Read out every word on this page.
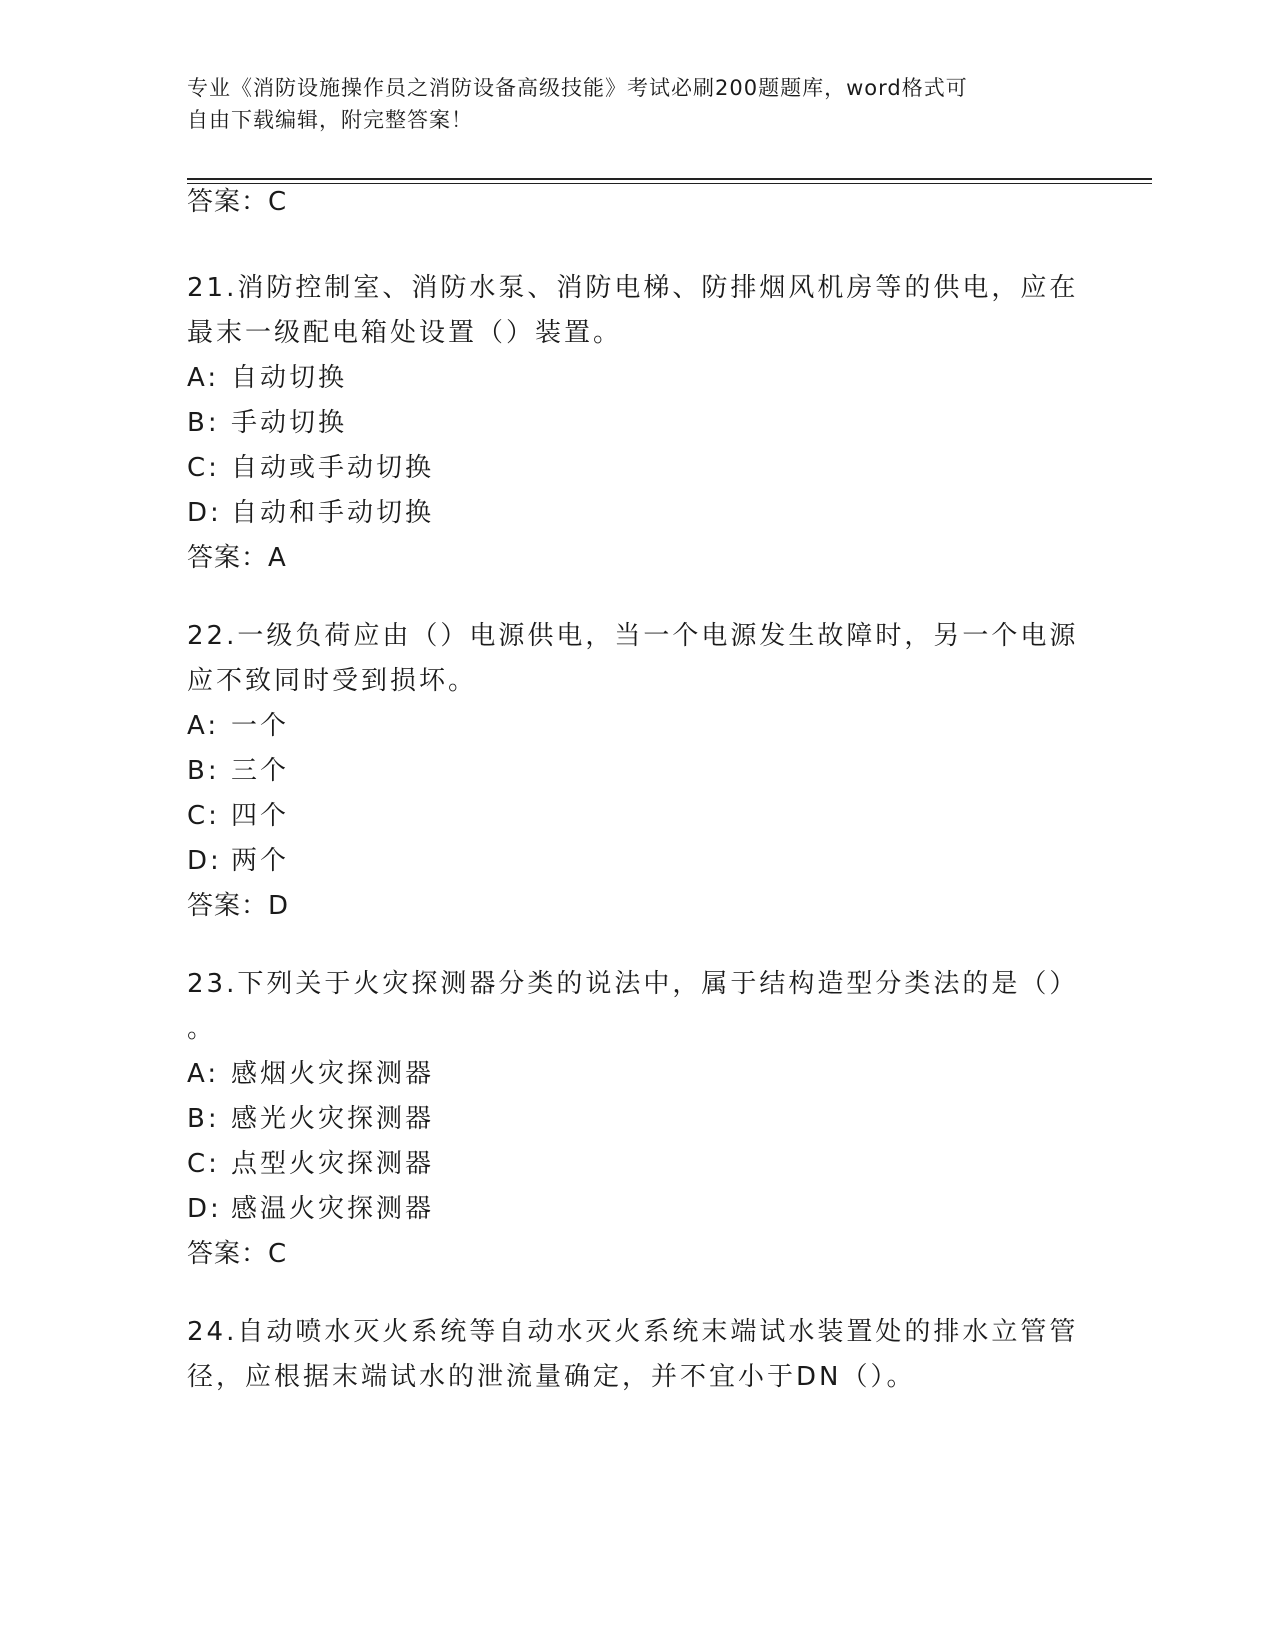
专业《消防设施操作员之消防设备高级技能》考试必刷200题题库，word格式可
自由下载编辑，附完整答案！
答案：C
21.消防控制室、消防水泵、消防电梯、防排烟风机房等的供电，应在
最末一级配电箱处设置（）装置。
A: 自动切换
B: 手动切换
C: 自动或手动切换
D: 自动和手动切换
答案：A
22.一级负荷应由（）电源供电，当一个电源发生故障时，另一个电源
应不致同时受到损坏。
A: 一个
B: 三个
C: 四个
D: 两个
答案：D
23.下列关于火灾探测器分类的说法中，属于结构造型分类法的是（）
。
A: 感烟火灾探测器
B: 感光火灾探测器
C: 点型火灾探测器
D: 感温火灾探测器
答案：C
24.自动喷水灭火系统等自动水灭火系统末端试水装置处的排水立管管
径，应根据末端试水的泄流量确定，并不宜小于DN（）。
